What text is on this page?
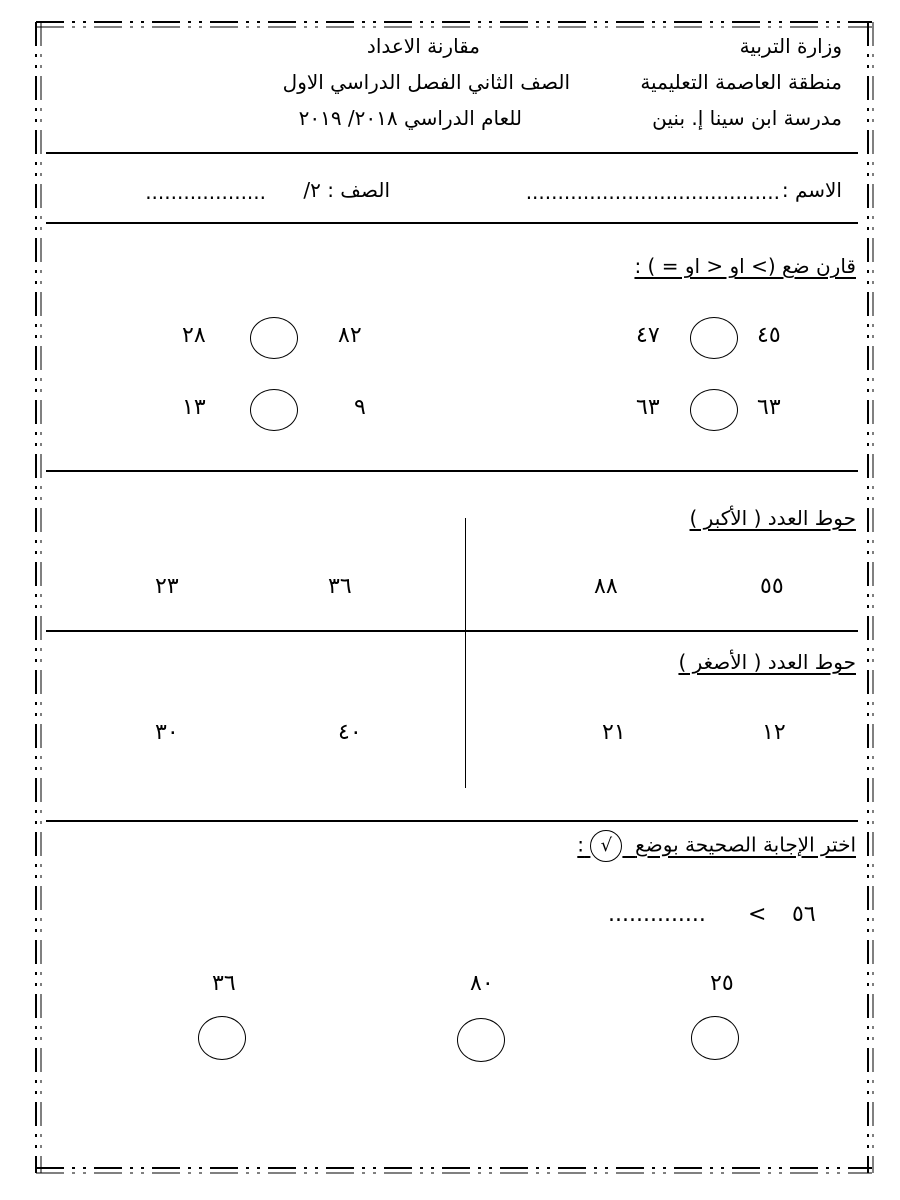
وزارة التربية
منطقة العاصمة التعليمية
مدرسة ابن سينا إ. بنين
مقارنة الاعداد
الصف الثاني الفصل الدراسي الاول
للعام الدراسي ٢٠١٨/ ٢٠١٩
الاسم :
........................................
الصف : ٢/
...................
قارن ضع (> او < او = ) :
٤٥
٤٧
٨٢
٢٨
٦٣
٦٣
٩
١٣
حوط العدد ( الأكبر )
٥٥
٨٨
٣٦
٢٣
حوط العدد ( الأصغر )
١٢
٢١
٤٠
٣٠
اختر الإجابة الصحيحة بوضع  √ :
٥٦
<
..............
٢٥
٨٠
٣٦
